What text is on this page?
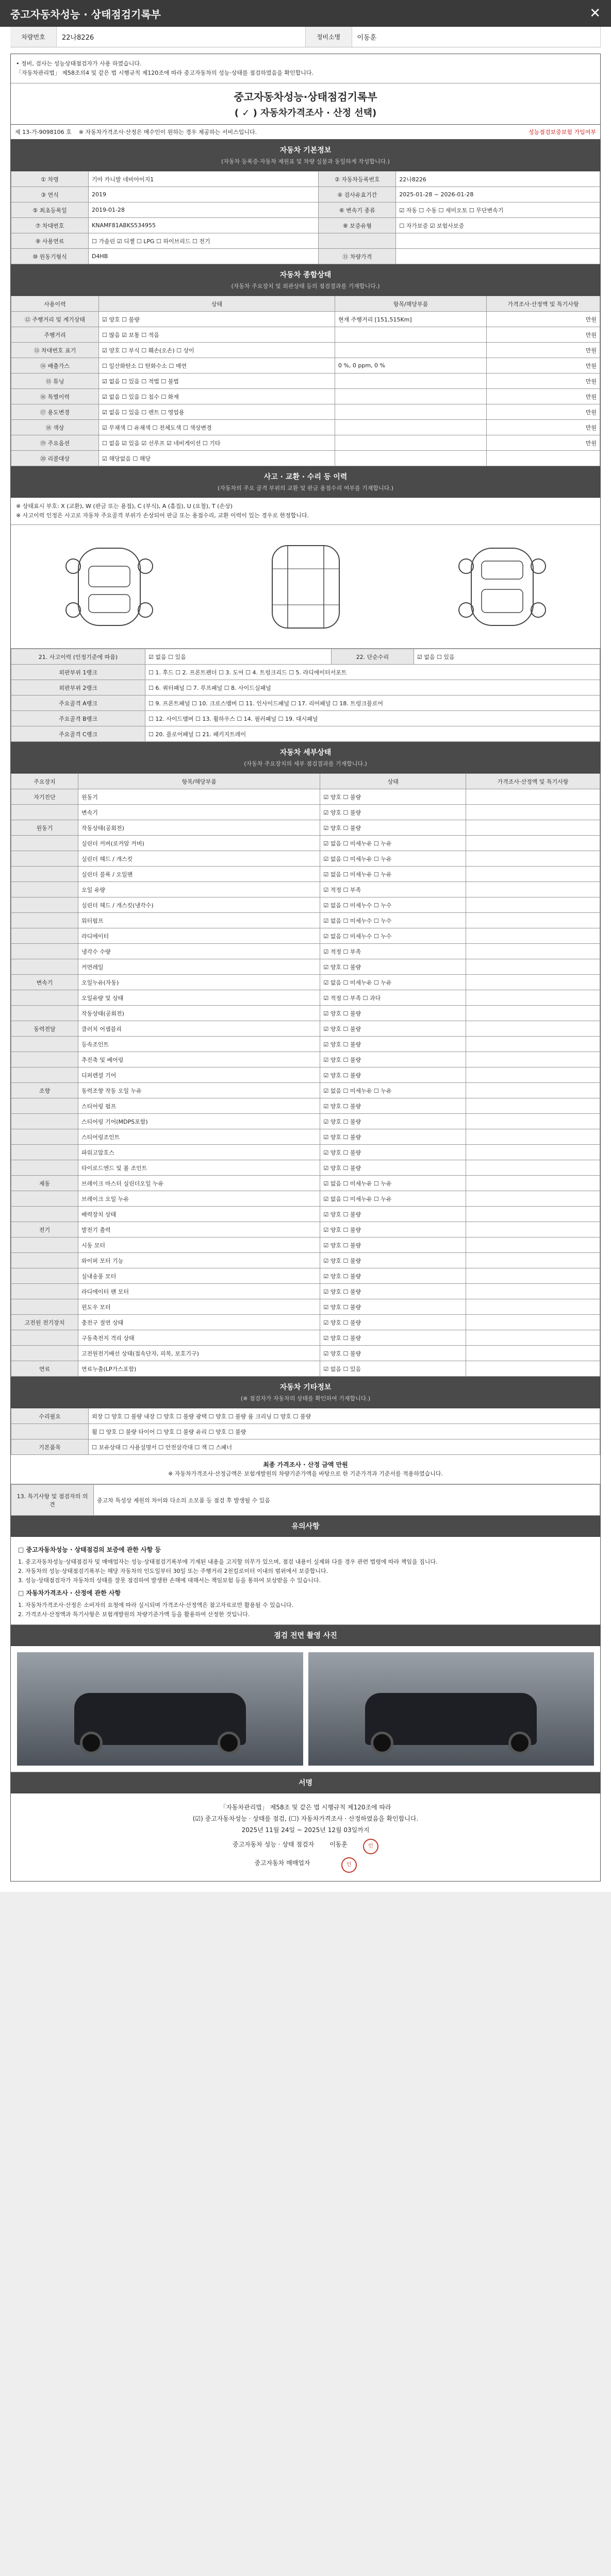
중고자동차성능 · 상태점검기록부	✕
차량번호	22나8226	정비소명	이동훈
• 정비, 검사는 성능상태점검자가 사용 하였습니다.
「자동차관리법」 제58조의4 및 같은 법 시행규칙 제120조에 따라 중고자동차의 성능·상태를 점검하였음을 확인합니다.
중고자동차성능·상태점검기록부
( ✓ ) 자동차가격조사 · 산정 선택)
제 13-가-9098106 호 ※ 자동차가격조사·산정은 매수인이 원하는 경우 제공하는 서비스입니다.	성능점검보증보험 가입여부
자동차 기본정보

(자동차 등록증·자동차 제원표 및 차량 실물과 동일하게 작성합니다.)

① 차명	기아 카니발 네비아이지1	② 자동차등록번호	22나8226
③ 연식	2019	④ 검사유효기간	2025-01-28 ~ 2026-01-28
⑤ 최초등록일	2019-01-28	⑥ 변속기 종류	☑ 자동 ☐ 수동 ☐ 세미오토 ☐ 무단변속기
⑦ 차대번호	KNAMF81ABKS534955	⑧ 보증유형	☐ 자가보증 ☑ 보험사보증
⑨ 사용연료	☐ 가솔린 ☑ 디젤 ☐ LPG ☐ 하이브리드 ☐ 전기		
⑩ 원동기형식	D4HB	⑪ 차량가격	
자동차 종합상태

(자동차 주요장치 및 외관상태 등의 점검결과를 기재합니다.)

사용이력	상태	항목/해당부품	가격조사·산정액 및 특기사항
⑫ 주행거리 및 계기상태	☑ 양호 ☐ 불량	현재 주행거리 [151,515Km]	만원
주행거리	☐ 많음 ☑ 보통 ☐ 적음		만원
⑬ 차대번호 표기	☑ 양호 ☐ 부식 ☐ 훼손(오손) ☐ 상이		만원
⑭ 배출가스	☐ 일산화탄소 ☐ 탄화수소 ☐ 매연	0 %, 0 ppm, 0 %	만원
⑮ 튜닝	☑ 없음 ☐ 있음 ☐ 적법 ☐ 불법		만원
⑯ 특별이력	☑ 없음 ☐ 있음 ☐ 침수 ☐ 화재		만원
⑰ 용도변경	☑ 없음 ☐ 있음 ☐ 렌트 ☐ 영업용		만원
⑱ 색상	☑ 무채색 ☐ 유채색 ☐ 전체도색 ☐ 색상변경		만원
⑲ 주요옵션	☐ 없음 ☑ 있음 ☑ 선루프 ☑ 네비게이션 ☐ 기타		만원
⑳ 리콜대상	☑ 해당없음 ☐ 해당		
사고 · 교환 · 수리 등 이력

(자동차의 주요 골격 부위의 교환 및 판금 용접수리 여부를 기재합니다.)

※ 상태표시 부호: X (교환), W (판금 또는 용접), C (부식), A (흠집), U (요철), T (손상)
※ 사고이력 인정은 사고로 자동차 주요골격 부위가 손상되어 판금 또는 용접수리, 교환 이력이 있는 경우로 한정합니다.
21. 사고이력 (인정기준에 따름)	☑ 없음 ☐ 있음	22. 단순수리	☑ 없음 ☐ 있음
외판부위 1랭크	☐ 1. 후드 ☐ 2. 프론트펜더 ☐ 3. 도어 ☐ 4. 트렁크리드 ☐ 5. 라디에이터서포트		
외판부위 2랭크	☐ 6. 쿼터패널 ☐ 7. 루프패널 ☐ 8. 사이드실패널		
주요골격 A랭크	☐ 9. 프론트패널 ☐ 10. 크로스멤버 ☐ 11. 인사이드패널 ☐ 17. 리어패널 ☐ 18. 트렁크플로어		
주요골격 B랭크	☐ 12. 사이드멤버 ☐ 13. 휠하우스 ☐ 14. 필러패널 ☐ 19. 대시패널		
주요골격 C랭크	☐ 20. 플로어패널 ☐ 21. 패키지트레이		
자동차 세부상태

(자동차 주요장치의 세부 점검결과를 기재합니다.)

주요장치	항목/해당부품	상태	가격조사·산정액 및 특기사항
자기진단	원동기	☑ 양호 ☐ 불량	
	변속기	☑ 양호 ☐ 불량	
원동기	작동상태(공회전)	☑ 양호 ☐ 불량	
	실린더 커버(로커암 커버)	☑ 없음 ☐ 미세누유 ☐ 누유	
	실린더 헤드 / 개스킷	☑ 없음 ☐ 미세누유 ☐ 누유	
	실린더 블록 / 오일팬	☑ 없음 ☐ 미세누유 ☐ 누유	
	오일 유량	☑ 적정 ☐ 부족	
	실린더 헤드 / 개스킷(냉각수)	☑ 없음 ☐ 미세누수 ☐ 누수	
	워터펌프	☑ 없음 ☐ 미세누수 ☐ 누수	
	라디에이터	☑ 없음 ☐ 미세누수 ☐ 누수	
	냉각수 수량	☑ 적정 ☐ 부족	
	커먼레일	☑ 양호 ☐ 불량	
변속기	오일누유(자동)	☑ 없음 ☐ 미세누유 ☐ 누유	
	오일유량 및 상태	☑ 적정 ☐ 부족 ☐ 과다	
	작동상태(공회전)	☑ 양호 ☐ 불량	
동력전달	클러치 어셈블리	☑ 양호 ☐ 불량	
	등속조인트	☑ 양호 ☐ 불량	
	추진축 및 베어링	☑ 양호 ☐ 불량	
	디퍼렌셜 기어	☑ 양호 ☐ 불량	
조향	동력조향 작동 오일 누유	☑ 없음 ☐ 미세누유 ☐ 누유	
	스티어링 펌프	☑ 양호 ☐ 불량	
	스티어링 기어(MDPS포함)	☑ 양호 ☐ 불량	
	스티어링조인트	☑ 양호 ☐ 불량	
	파워고압호스	☑ 양호 ☐ 불량	
	타이로드엔드 및 볼 조인트	☑ 양호 ☐ 불량	
제동	브레이크 마스터 실린더오일 누유	☑ 없음 ☐ 미세누유 ☐ 누유	
	브레이크 오일 누유	☑ 없음 ☐ 미세누유 ☐ 누유	
	배력장치 상태	☑ 양호 ☐ 불량	
전기	발전기 출력	☑ 양호 ☐ 불량	
	시동 모터	☑ 양호 ☐ 불량	
	와이퍼 모터 기능	☑ 양호 ☐ 불량	
	실내송풍 모터	☑ 양호 ☐ 불량	
	라디에이터 팬 모터	☑ 양호 ☐ 불량	
	윈도우 모터	☑ 양호 ☐ 불량	
고전원 전기장치	충전구 절연 상태	☑ 양호 ☐ 불량	
	구동축전지 격리 상태	☑ 양호 ☐ 불량	
	고전원전기배선 상태(접속단자, 피복, 보호기구)	☑ 양호 ☐ 불량	
연료	연료누출(LP가스포함)	☑ 없음 ☐ 있음	
자동차 기타정보

(※ 점검자가 자동차의 상태를 확인하여 기재합니다.)

수리필요	외장 ☐ 양호 ☐ 불량 내장 ☐ 양호 ☐ 불량 광택 ☐ 양호 ☐ 불량 룸 크리닝 ☐ 양호 ☐ 불량
	휠 ☐ 양호 ☐ 불량 타이어 ☐ 양호 ☐ 불량 유리 ☐ 양호 ☐ 불량
기본품목	☐ 보유상태 ☐ 사용설명서 ☐ 안전삼각대 ☐ 잭 ☐ 스패너
최종 가격조사 · 산정 금액 만원
※ 자동차가격조사·산정금액은 보험개발원의 차량기준가액을 바탕으로 한 기준가격과 기준서를 적용하였습니다.
13. 특기사항 및 점검자의 의견	중고차 특성상 제원의 차이와 다소의 소모품 등 점검 후 발생될 수 있음
유의사항
□ 중고자동차성능 · 상태점검의 보증에 관한 사항 등

1. 중고자동차성능·상태점검자 및 매매업자는 성능·상태점검기록부에 기재된 내용을 고지할 의무가 있으며, 점검 내용이 실제와 다를 경우 관련 법령에 따라 책임을 집니다.

2. 자동차의 성능·상태점검기록부는 해당 자동차의 인도일부터 30일 또는 주행거리 2천킬로미터 이내의 범위에서 보증합니다.

3. 성능·상태점검자가 자동차의 상태를 잘못 점검하여 발생한 손해에 대해서는 책임보험 등을 통하여 보상받을 수 있습니다.

□ 자동차가격조사 · 산정에 관한 사항

1. 자동차가격조사·산정은 소비자의 요청에 따라 실시되며 가격조사·산정액은 참고자료로만 활용될 수 있습니다.

2. 가격조사·산정액과 특기사항은 보험개발원의 차량기준가액 등을 활용하여 산정한 것입니다.

점검 전면 촬영 사진
서명
「자동차관리법」 제58조 및 같은 법 시행규칙 제120조에 따라
(☑) 중고자동차성능 · 상태를 점검, (☐) 자동차가격조사 · 산정하였음을 확인합니다.
2025년 11월 24일 ~ 2025년 12월 03일까지
중고자동차 성능 · 상태 점검자	이동훈	인
중고자동차 매매업자	인
